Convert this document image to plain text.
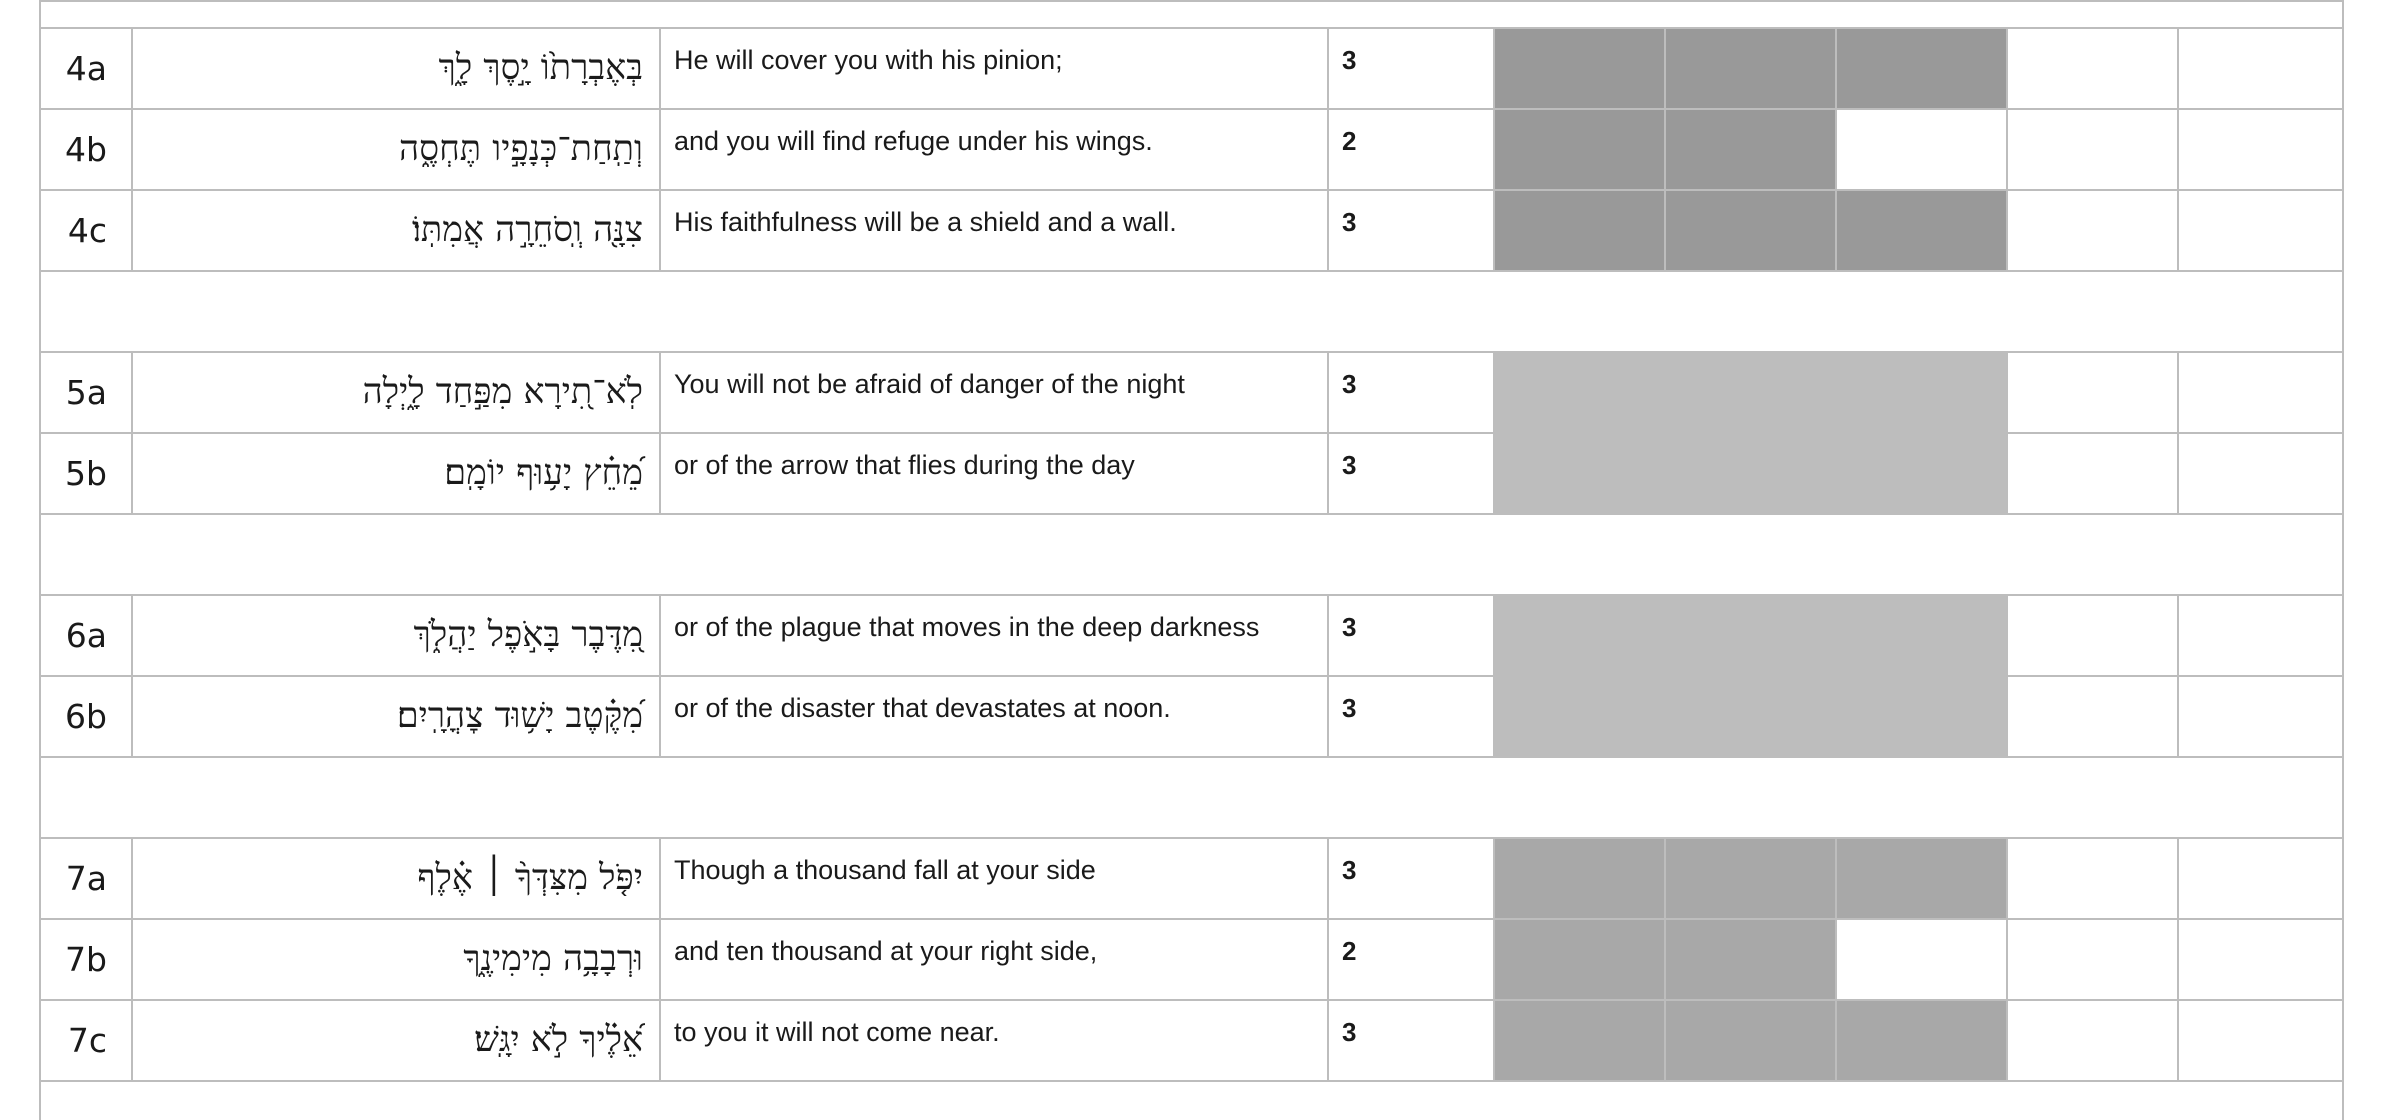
4a	בְּאֶבְרָת֙וֹ יָ֣סֶךְ לָ֑ךְ	He will cover you with his pinion;	3
4b	וְתַֽחַת־כְּנָפָ֣יו תֶּחְסֶ֑ה	and you will find refuge under his wings.	2
4c	צִנָּ֖ה וְֽסֹחֵרָ֣ה אֲמִתּֽוֹ׃	His faithfulness will be a shield and a wall.	3
5a	לֹֽא־תִ֭ירָא מִפַּ֣חַד לָ֑יְלָה	You will not be afraid of danger of the night	3
5b	מֵ֝חֵ֗ץ יָע֥וּף יוֹמָֽם׃	or of the arrow that flies during the day	3
6a	מִ֭דֶּבֶר בָּאֹ֣פֶל יַהֲלֹ֑ךְ	or of the plague that moves in the deep darkness	3
6b	מִ֝קֶּ֗טֶב יָשׁ֥וּד צׇהֳרָֽיִם׃	or of the disaster that devastates at noon.	3
7a	יִפֹּ֤ל מִצִּדְּךָ֨ ׀ אֶ֗לֶף	Though a thousand fall at your side	3
7b	וּרְבָבָ֥ה מִימִינֶ֑ךָ	and ten thousand at your right side,	2
7c	אֵ֝לֶ֗יךָ לֹ֣א יִגָּֽשׁ׃	to you it will not come near.	3
